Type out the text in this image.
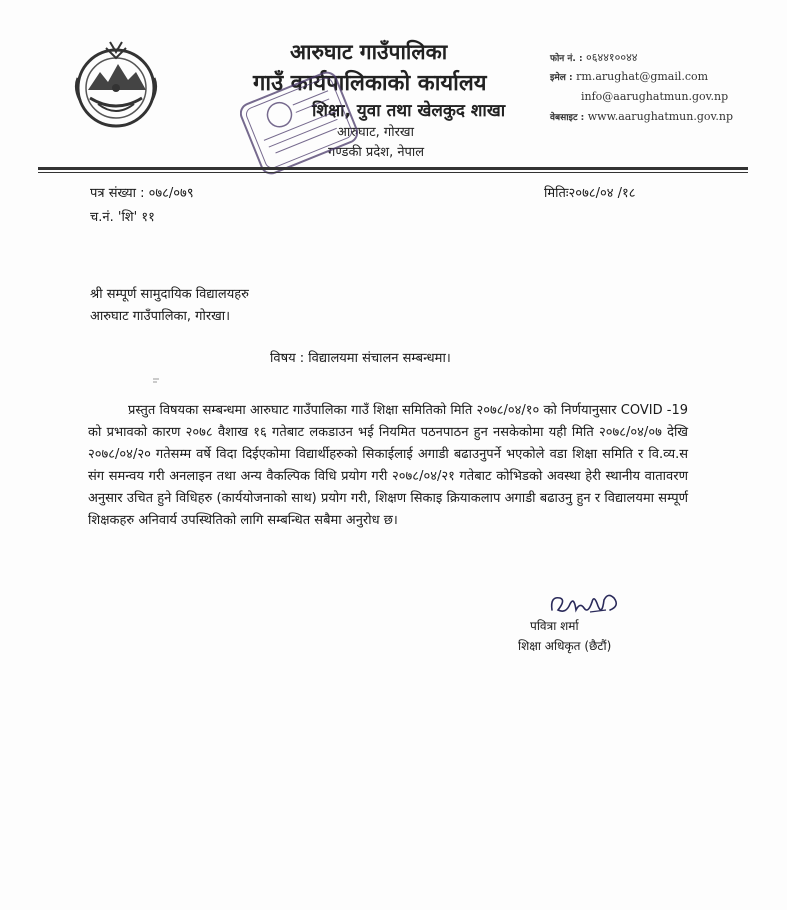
आरुघाट गाउँपालिका
गाउँ कार्यपालिकाको कार्यालय
शिक्षा, युवा तथा खेलकुद शाखा
आरुघाट, गोरखा
गण्डकी प्रदेश, नेपाल
फोन नं. : ०६४४१००४४
इमेल : rm.arughat@gmail.com
info@aarughatmun.gov.np
वेबसाइट : www.aarughatmun.gov.np
पत्र संख्या : ०७८/०७९
च.नं. 'शि' ११
मितिः२०७८/०४ /१८
श्री सम्पूर्ण सामुदायिक विद्यालयहरु
आरुघाट गाउँपालिका, गोरखा।
विषय : विद्यालयमा संचालन सम्बन्धमा।
प्रस्तुत विषयका सम्बन्धमा आरुघाट गाउँपालिका गाउँ शिक्षा समितिको मिति २०७८/०४/१० को निर्णयानुसार COVID -19 को प्रभावको कारण २०७८ वैशाख १६ गतेबाट लकडाउन भई नियमित पठनपाठन हुन नसकेकोमा यही मिति २०७८/०४/०७ देखि २०७८/०४/२० गतेसम्म वर्षे विदा दिईएकोमा विद्यार्थीहरुको सिकाईलाई अगाडी बढाउनुपर्ने भएकोले वडा शिक्षा समिति र वि.व्य.स संग समन्वय गरी अनलाइन तथा अन्य वैकल्पिक विधि प्रयोग गरी २०७८/०४/२१ गतेबाट कोभिडको अवस्था हेरी स्थानीय वातावरण अनुसार उचित हुने विधिहरु (कार्ययोजनाको साथ) प्रयोग गरी, शिक्षण सिकाइ क्रियाकलाप अगाडी बढाउनु हुन र विद्यालयमा सम्पूर्ण शिक्षकहरु अनिवार्य उपस्थितिको लागि सम्बन्धित सबैमा अनुरोध छ।
पवित्रा शर्मा
शिक्षा अधिकृत (छैटौं)
